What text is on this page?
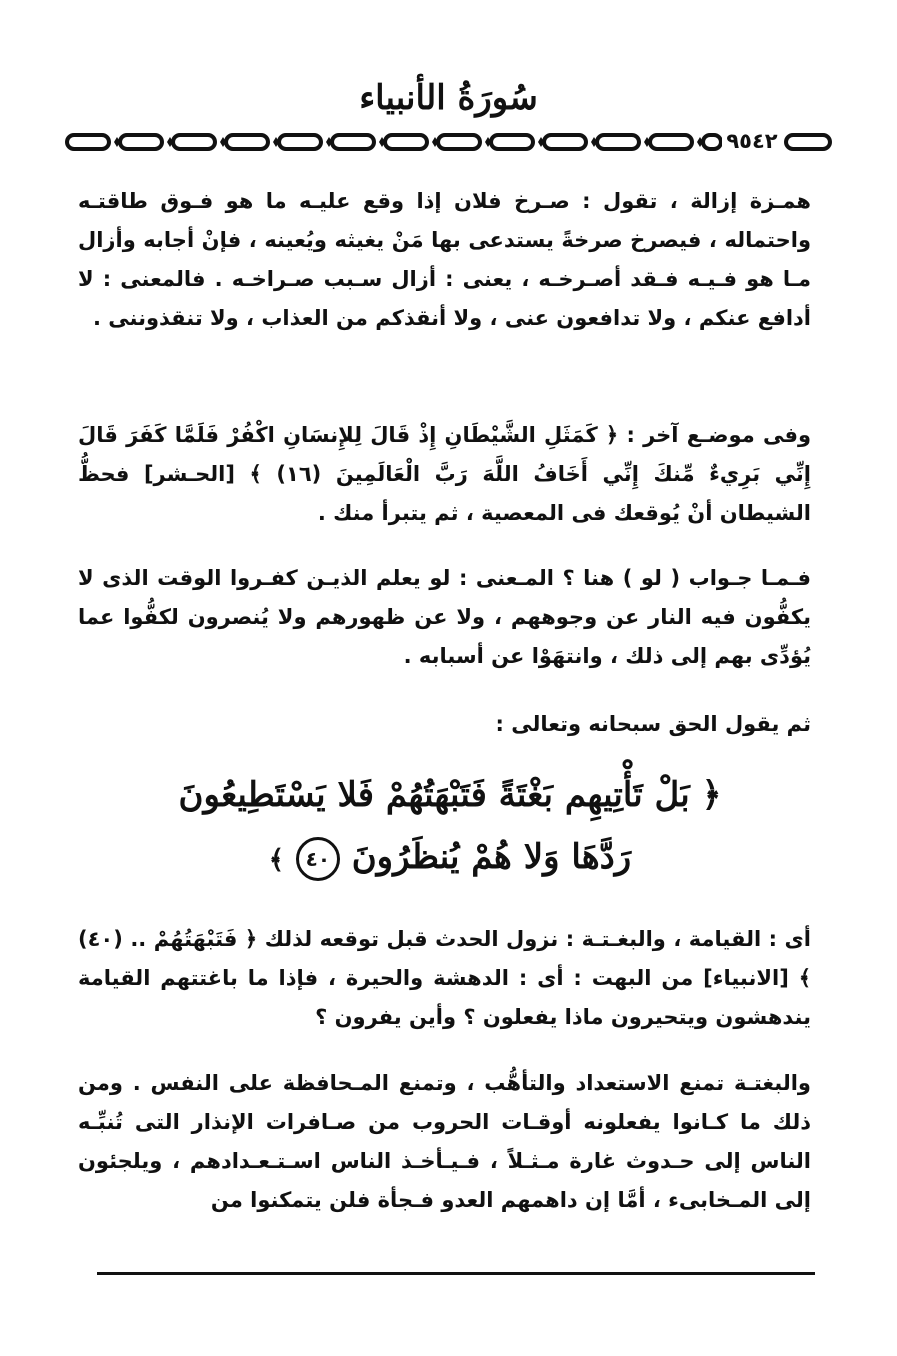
سُورَةُ الأنبياء
٩٥٤٢
همـزة إزالة ، تقول : صـرخ فلان إذا وقع عليـه ما هو فـوق طاقتـه واحتماله ، فيصرخ صرخةً يستدعى بها مَنْ يغيثه ويُعينه ، فإنْ أجابه وأزال مـا هو فـيـه فـقد أصـرخـه ، يعنى : أزال سـبب صـراخـه . فالمعنى : لا أدافع عنكم ، ولا تدافعون عنى ، ولا أنقذكم من العذاب ، ولا تنقذوننى .
وفى موضـع آخر : ﴿ كَمَثَلِ الشَّيْطَانِ إِذْ قَالَ لِلإِنسَانِ اكْفُرْ فَلَمَّا كَفَرَ قَالَ إِنِّي بَرِيءٌ مِّنكَ إِنِّي أَخَافُ اللَّهَ رَبَّ الْعَالَمِينَ (١٦) ﴾ [الحـشر] فحظُّ الشيطان أنْ يُوقعك فى المعصية ، ثم يتبرأ منك .
فـمـا جـواب ( لو ) هنا ؟ المـعنى : لو يعلم الذيـن كفـروا الوقت الذى لا يكفُّون فيه النار عن وجوههم ، ولا عن ظهورهم ولا يُنصرون لكفُّوا عما يُؤدِّى بهم إلى ذلك ، وانتهَوْا عن أسبابه .
ثم يقول الحق سبحانه وتعالى :
﴿ بَلْ تَأْتِيهِم بَغْتَةً فَتَبْهَتُهُمْ فَلا يَسْتَطِيعُونَ
رَدَّهَا وَلا هُمْ يُنظَرُونَ ٤٠ ﴾
أى : القيامة ، والبغـتـة : نزول الحدث قبل توقعه لذلك ﴿ فَتَبْهَتُهُمْ .. (٤٠) ﴾ [الانبياء] من البهت : أى : الدهشة والحيرة ، فإذا ما باغتتهم القيامة يندهشون ويتحيرون ماذا يفعلون ؟ وأين يفرون ؟
والبغتـة تمنع الاستعداد والتأهُّب ، وتمنع المـحافظة على النفس . ومن ذلك ما كـانوا يفعلونه أوقـات الحروب من صـافرات الإنذار التى تُنبِّـه الناس إلى حـدوث غارة مـثـلاً ، فـيـأخـذ الناس اسـتـعـدادهم ، ويلجئون إلى المـخابىء ، أمَّا إن داهمهم العدو فـجأة فلن يتمكنوا من
